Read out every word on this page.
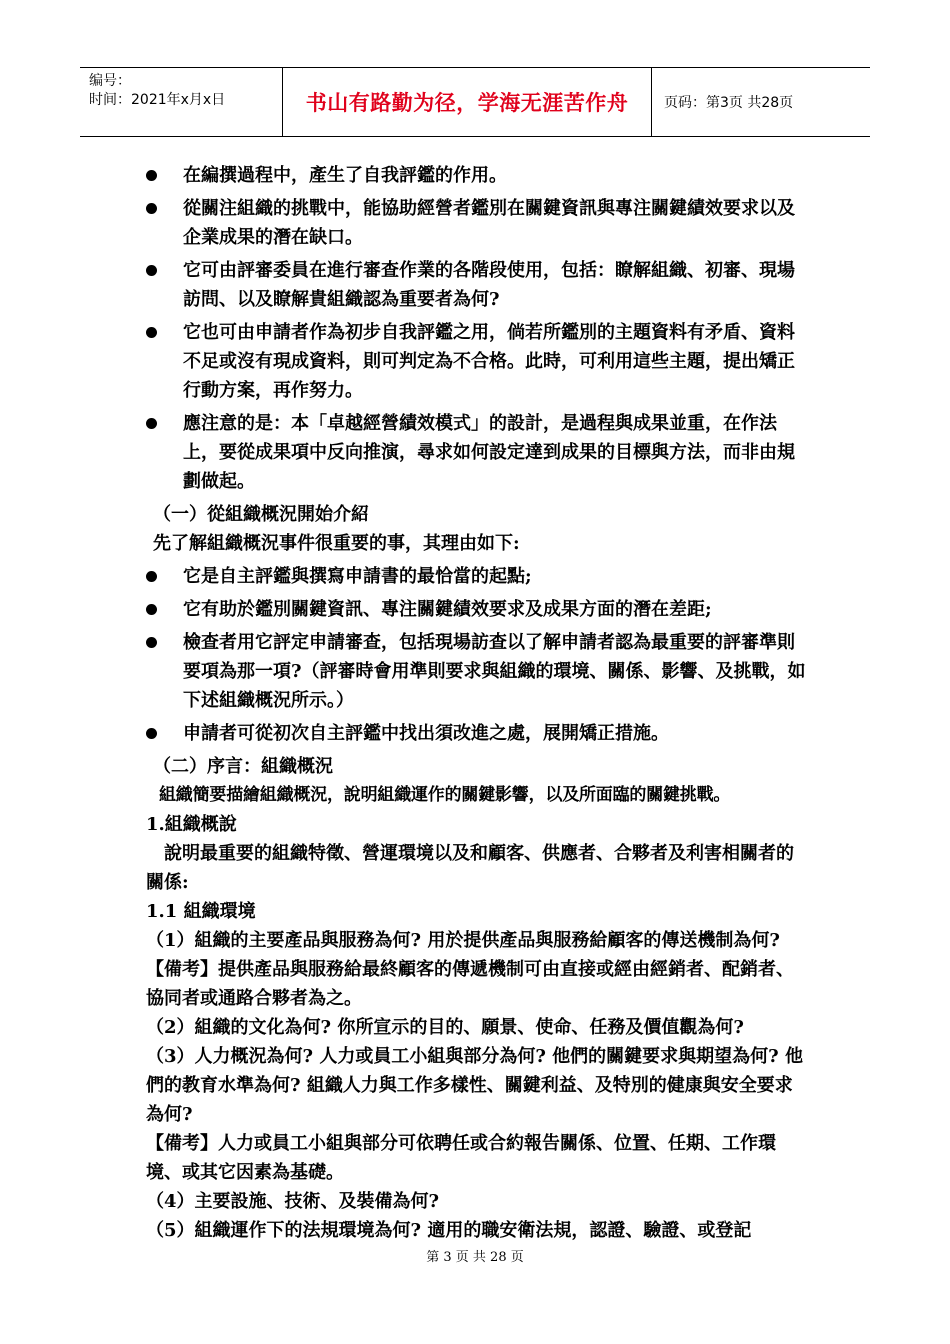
编号：
时间：2021年x月x日	书山有路勤为径，学海无涯苦作舟	页码：第3页 共28页
在編撰過程中，產生了自我評鑑的作用。
從關注組織的挑戰中，能協助經營者鑑別在關鍵資訊與專注關鍵績效要求以及企業成果的潛在缺口。
它可由評審委員在進行審查作業的各階段使用，包括：瞭解組織、初審、現場訪問、以及瞭解貴組織認為重要者為何?
它也可由申請者作為初步自我評鑑之用，倘若所鑑別的主題資料有矛盾、資料不足或沒有現成資料，則可判定為不合格。此時，可利用這些主題，提出矯正行動方案，再作努力。
應注意的是：本「卓越經營績效模式」的設計，是過程與成果並重，在作法上，要從成果項中反向推演，尋求如何設定達到成果的目標與方法，而非由規劃做起。
（一）從組織概況開始介紹
先了解組織概況事件很重要的事，其理由如下:
它是自主評鑑與撰寫申請書的最恰當的起點;
它有助於鑑別關鍵資訊、專注關鍵績效要求及成果方面的潛在差距;
檢查者用它評定申請審查，包括現場訪查以了解申請者認為最重要的評審準則要項為那一項?（評審時會用準則要求與組織的環境、關係、影響、及挑戰，如下述組織概況所示。）
申請者可從初次自主評鑑中找出須改進之處，展開矯正措施。
（二）序言：組織概況
組織簡要描繪組織概況，說明組織運作的關鍵影響，以及所面臨的關鍵挑戰。
1.組織概說
說明最重要的組織特徵、營運環境以及和顧客、供應者、合夥者及利害相關者的關係:
1.1 組織環境
（1）組織的主要產品與服務為何? 用於提供產品與服務給顧客的傳送機制為何?
【備考】提供產品與服務給最終顧客的傳遞機制可由直接或經由經銷者、配銷者、協同者或通路合夥者為之。
（2）組織的文化為何? 你所宣示的目的、願景、使命、任務及價值觀為何?
（3）人力概況為何? 人力或員工小組與部分為何? 他們的關鍵要求與期望為何? 他們的教育水準為何? 組織人力與工作多樣性、關鍵利益、及特別的健康與安全要求為何?
【備考】人力或員工小組與部分可依聘任或合約報告關係、位置、任期、工作環境、或其它因素為基礎。
（4）主要設施、技術、及裝備為何?
（5）組織運作下的法規環境為何? 適用的職安衛法規，認證、驗證、或登記
第 3 页 共 28 页
